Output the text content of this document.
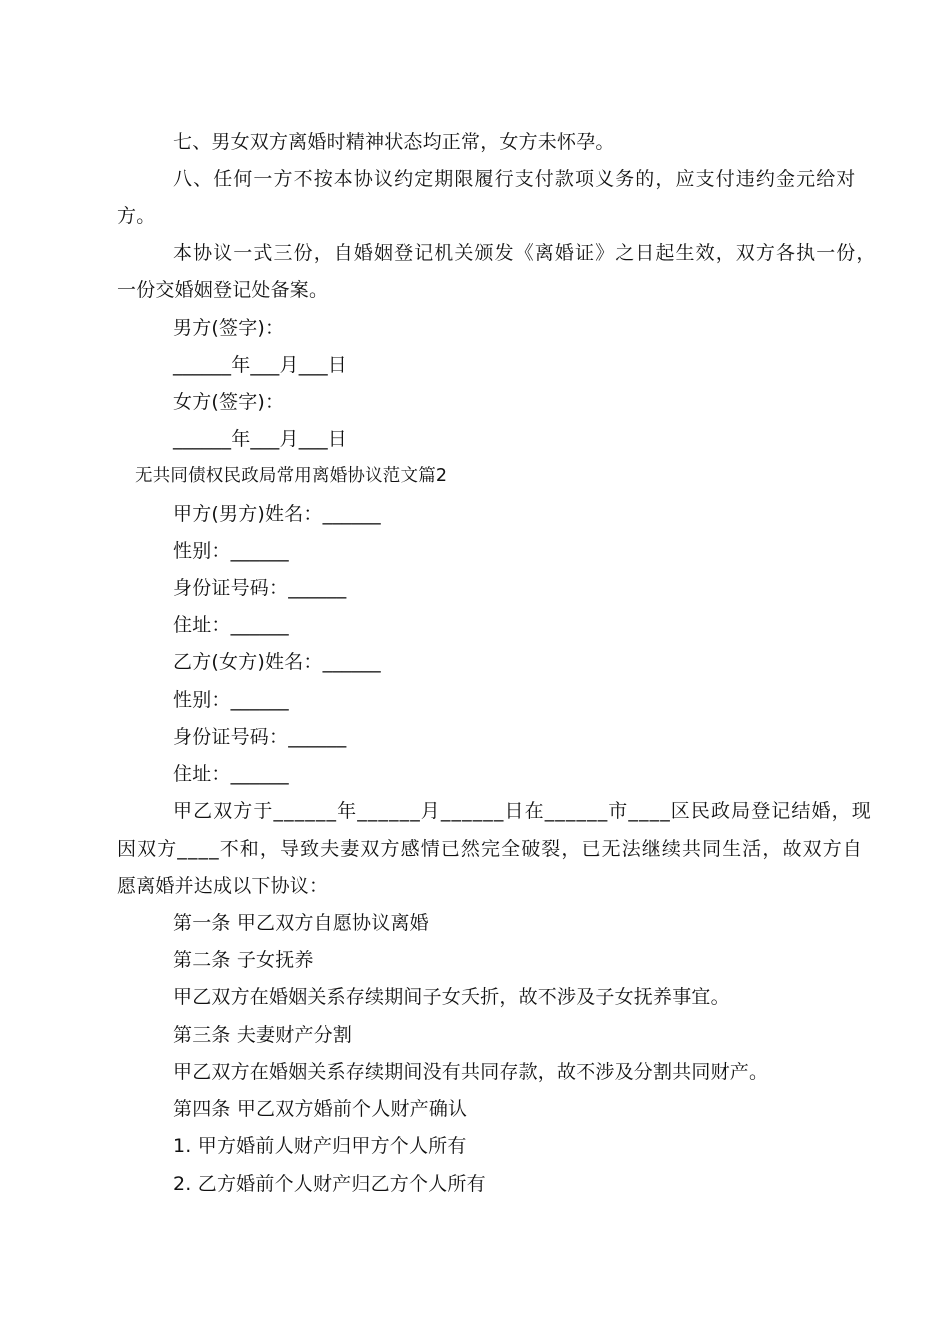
七、男女双方离婚时精神状态均正常，女方未怀孕。
八、任何一方不按本协议约定期限履行支付款项义务的，应支付违约金元给对
方。
本协议一式三份，自婚姻登记机关颁发《离婚证》之日起生效，双方各执一份，
一份交婚姻登记处备案。
男方(签字)：
______年___月___日
女方(签字)：
______年___月___日
无共同债权民政局常用离婚协议范文篇2
甲方(男方)姓名：______
性别：______
身份证号码：______
住址：______
乙方(女方)姓名：______
性别：______
身份证号码：______
住址：______
甲乙双方于______年______月______日在______市____区民政局登记结婚，现
因双方____不和，导致夫妻双方感情已然完全破裂，已无法继续共同生活，故双方自
愿离婚并达成以下协议：
第一条 甲乙双方自愿协议离婚
第二条 子女抚养
甲乙双方在婚姻关系存续期间子女夭折，故不涉及子女抚养事宜。
第三条 夫妻财产分割
甲乙双方在婚姻关系存续期间没有共同存款，故不涉及分割共同财产。
第四条 甲乙双方婚前个人财产确认
1. 甲方婚前人财产归甲方个人所有
2. 乙方婚前个人财产归乙方个人所有
